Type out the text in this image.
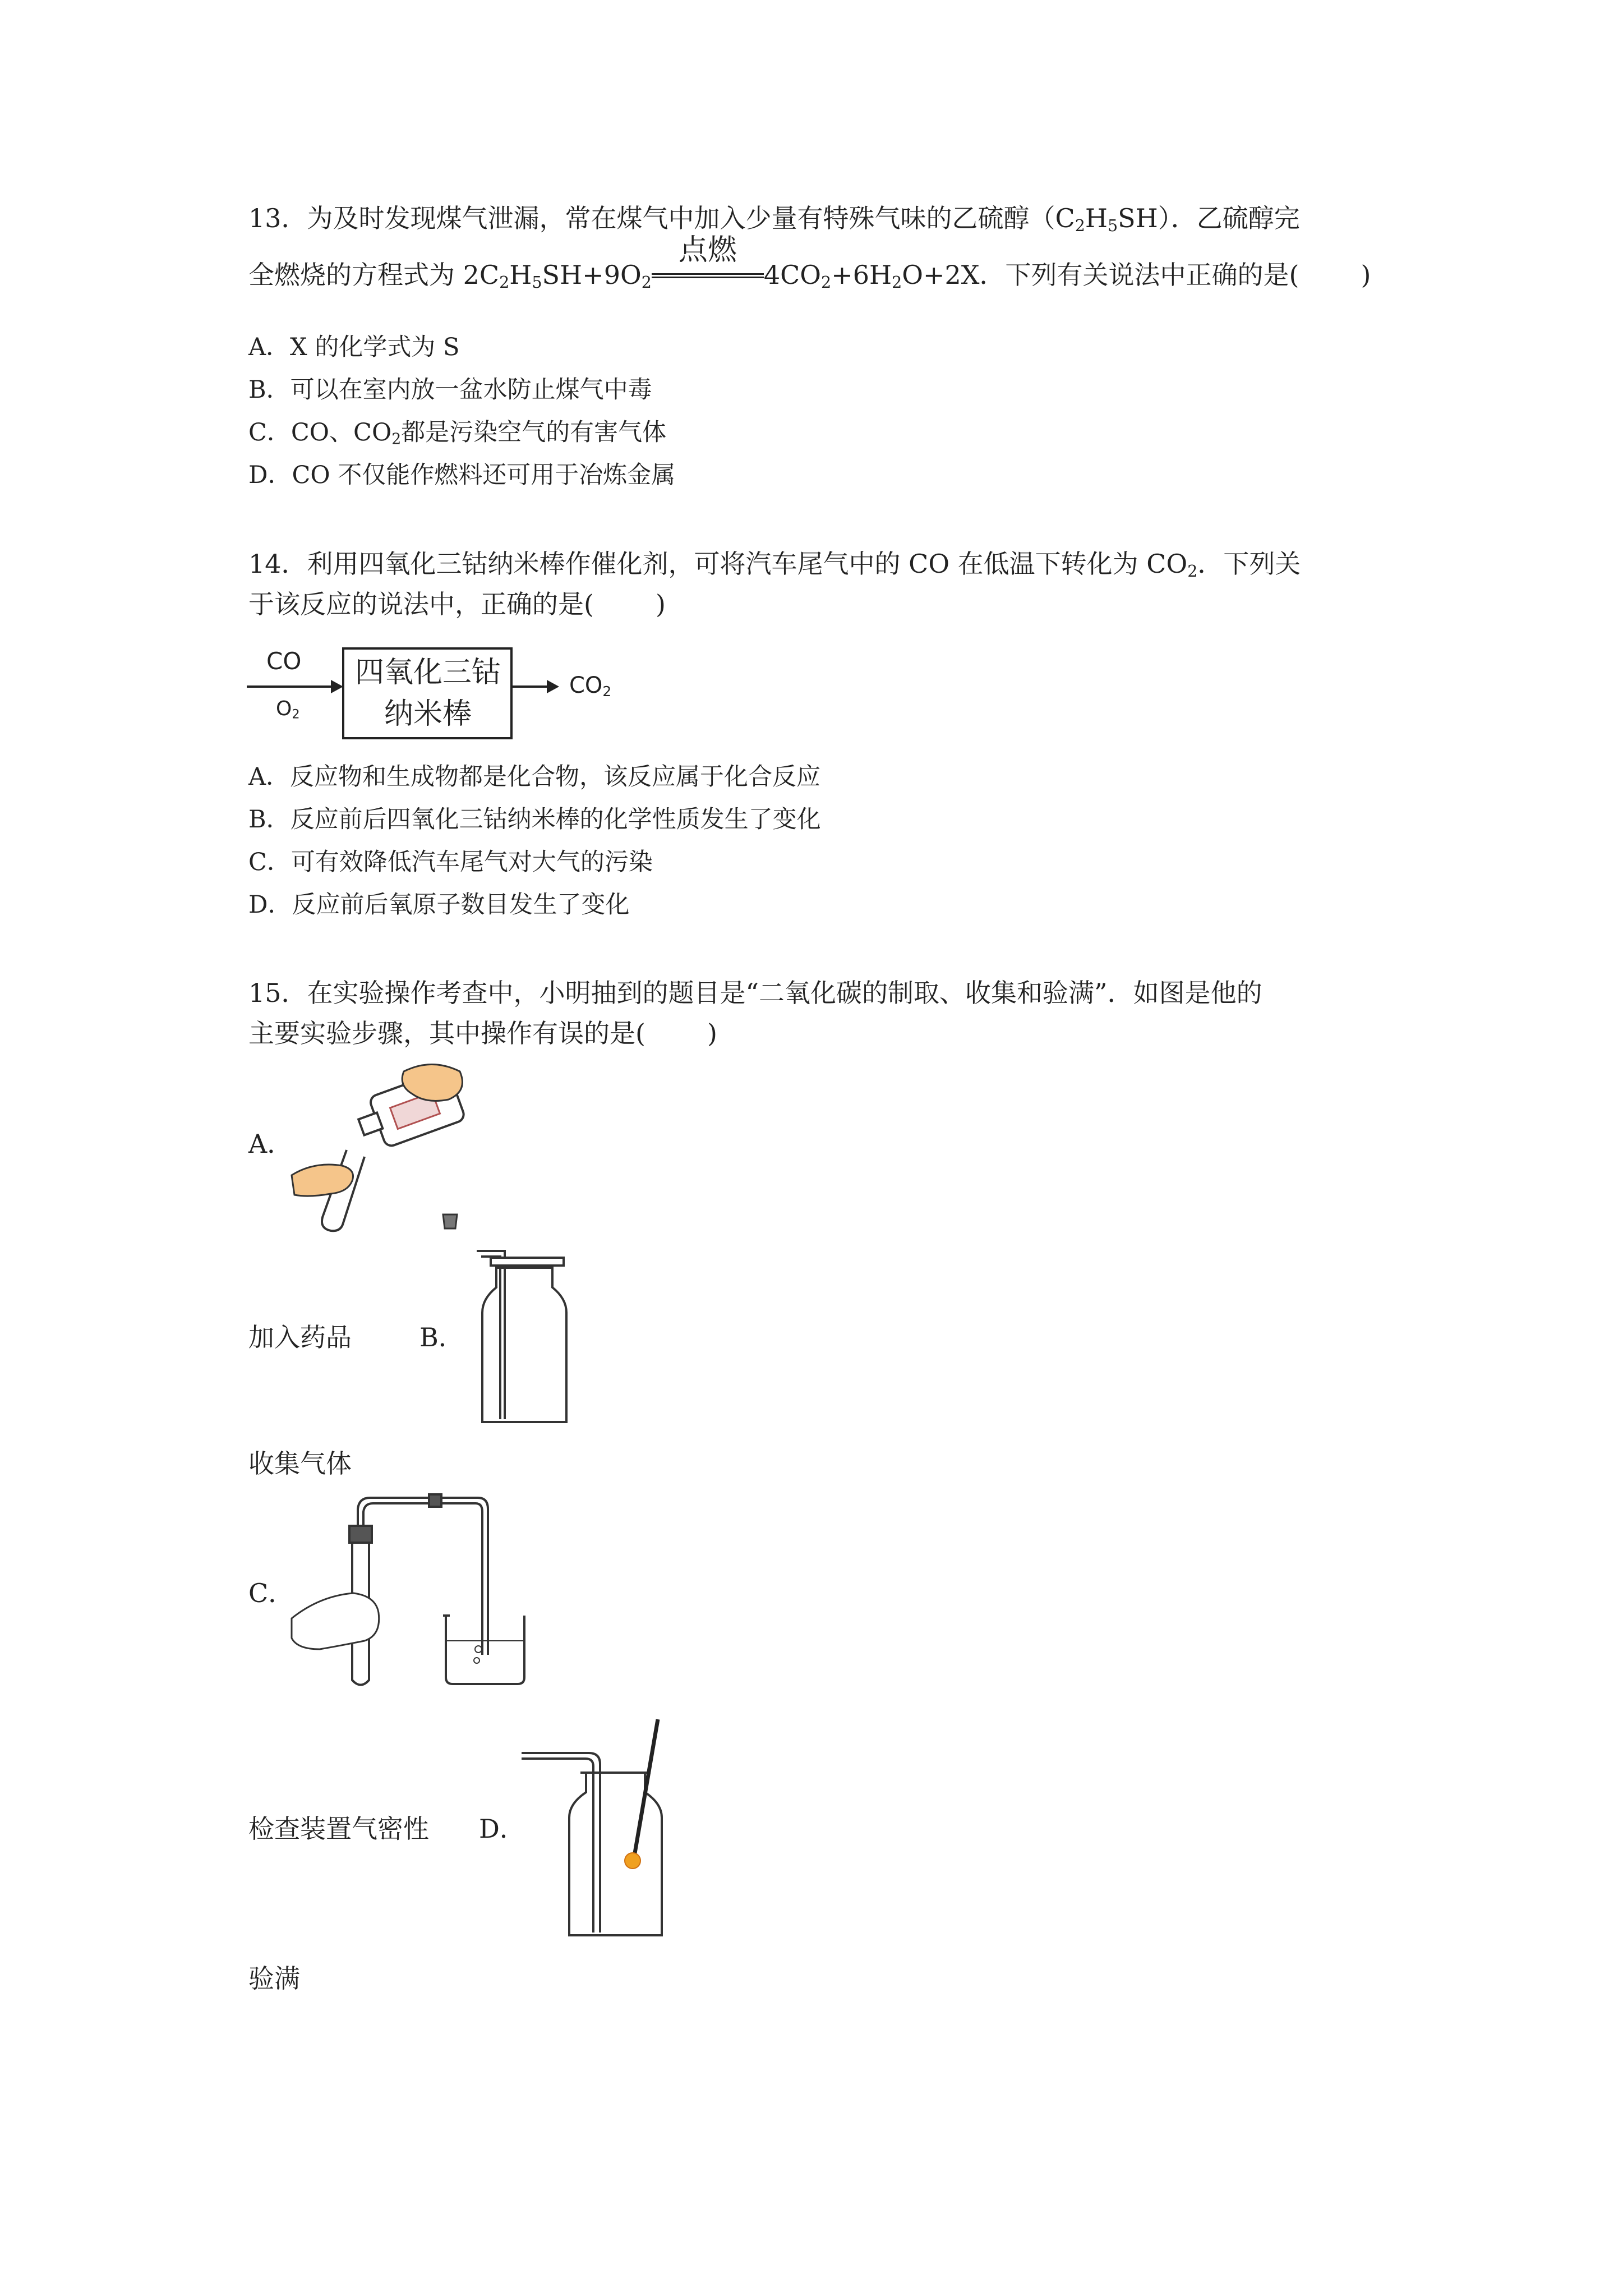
13．为及时发现煤气泄漏，常在煤气中加入少量有特殊气味的乙硫醇$(C_2H_5SH)$．乙硫醇完
全燃烧的方程式为 $2C_2H_5SH+9O_2$
点燃
$4CO_2+6H_2O+2X$．下列有关说法中正确的是( )
A．X 的化学式为 S
B．可以在室内放一盆水防止煤气中毒
C．CO、$CO_2$都是污染空气的有害气体
D．CO 不仅能作燃料还可用于冶炼金属
14．利用四氧化三钴纳米棒作催化剂，可将汽车尾气中的 CO 在低温下转化为 $CO_2$．下列关
于该反应的说法中，正确的是( )
CO
$O_2$
四氧化三钴
纳米棒
$CO_2$
A．反应物和生成物都是化合物，该反应属于化合反应
B．反应前后四氧化三钴纳米棒的化学性质发生了变化
C．可有效降低汽车尾气对大气的污染
D．反应前后氧原子数目发生了变化
15．在实验操作考查中，小明抽到的题目是“二氧化碳的制取、收集和验满”．如图是他的
主要实验步骤，其中操作有误的是( )
A．
加入药品	B．
收集气体
C．
检查装置气密性 D．
验满
